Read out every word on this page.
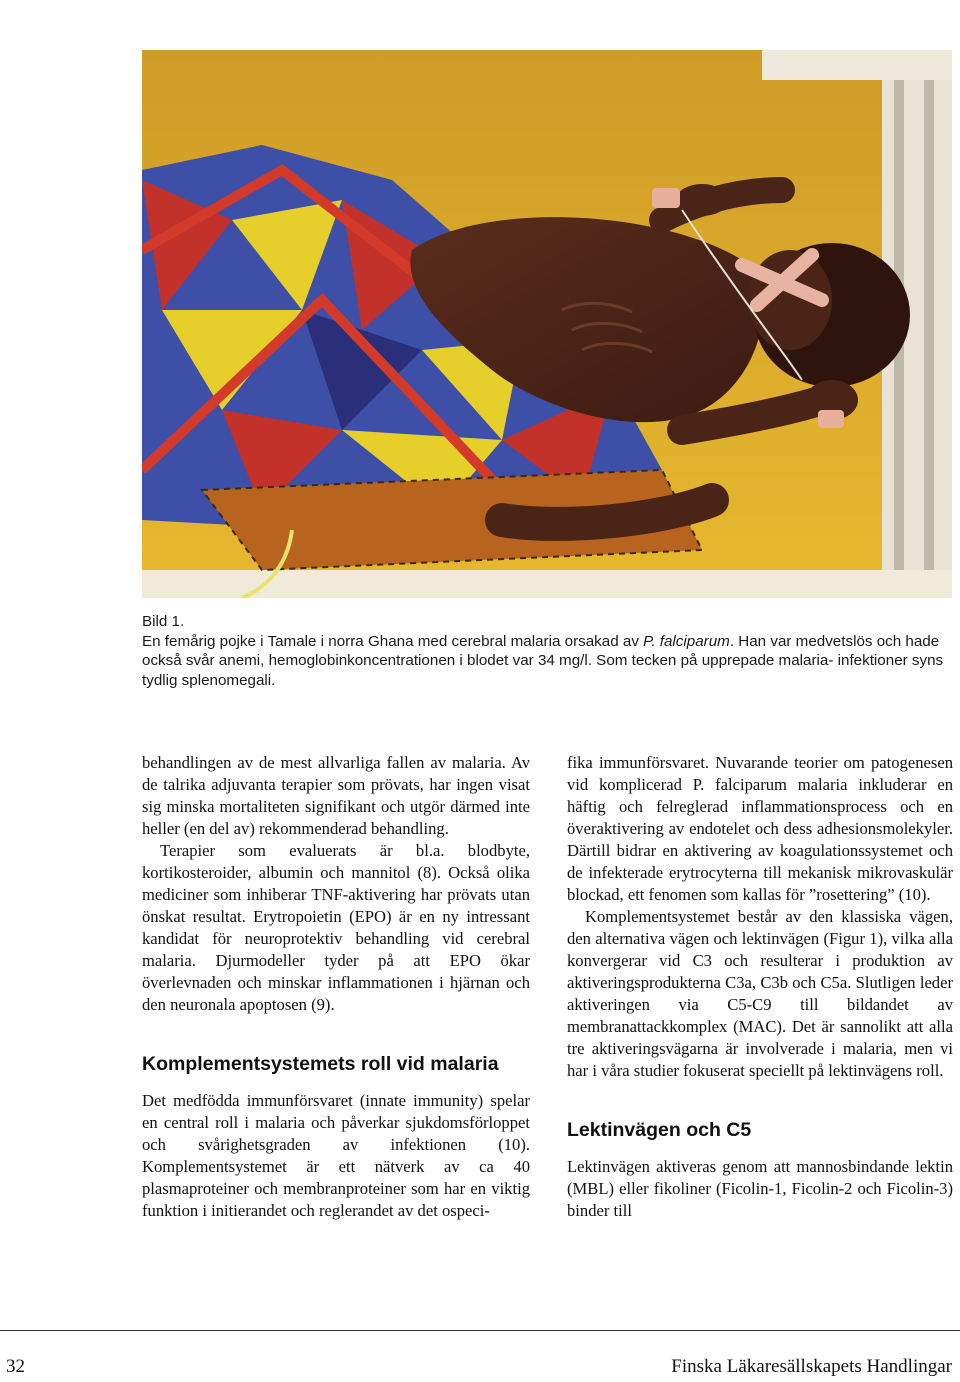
Bild 1.

En femårig pojke i Tamale i norra Ghana med cerebral malaria orsakad av P. falciparum. Han var medvetslös och hade också svår anemi, hemoglobinkoncentrationen i blodet var 34 mg/l. Som tecken på upprepade malaria- infektioner syns tydlig splenomegali.

behandlingen av de mest allvarliga fallen av malaria. Av de talrika adjuvanta terapier som prövats, har ingen visat sig minska mortaliteten signifikant och utgör därmed inte heller (en del av) rekommenderad behandling.

Terapier som evaluerats är bl.a. blodbyte, kortikosteroider, albumin och mannitol (8). Också olika mediciner som inhiberar TNF-aktivering har prövats utan önskat resultat. Erytropoietin (EPO) är en ny intressant kandidat för neuroprotektiv behandling vid cerebral malaria. Djurmodeller tyder på att EPO ökar överlevnaden och minskar inflammationen i hjärnan och den neuronala apoptosen (9).

Komplementsystemets roll vid malaria

Det medfödda immunförsvaret (innate immunity) spelar en central roll i malaria och påverkar sjukdomsförloppet och svårighetsgraden av infektionen (10). Komplementsystemet är ett nätverk av ca 40 plasmaproteiner och membranproteiner som har en viktig funktion i initierandet och reglerandet av det ospeci-

fika immunförsvaret. Nuvarande teorier om patogenesen vid komplicerad P. falciparum malaria inkluderar en häftig och felreglerad inflammationsprocess och en överaktivering av endotelet och dess adhesionsmolekyler. Därtill bidrar en aktivering av koagulationssystemet och de infekterade erytrocyterna till mekanisk mikrovaskulär blockad, ett fenomen som kallas för ”rosettering” (10).

Komplementsystemet består av den klassiska vägen, den alternativa vägen och lektinvägen (Figur 1), vilka alla konvergerar vid C3 och resulterar i produktion av aktiveringsprodukterna C3a, C3b och C5a. Slutligen leder aktiveringen via C5-C9 till bildandet av membranattackkomplex (MAC). Det är sannolikt att alla tre aktiveringsvägarna är involverade i malaria, men vi har i våra studier fokuserat speciellt på lektinvägens roll.

Lektinvägen och C5

Lektinvägen aktiveras genom att mannosbindande lektin (MBL) eller fikoliner (Ficolin-1, Ficolin-2 och Ficolin-3) binder till

32	Finska Läkaresällskapets Handlingar
